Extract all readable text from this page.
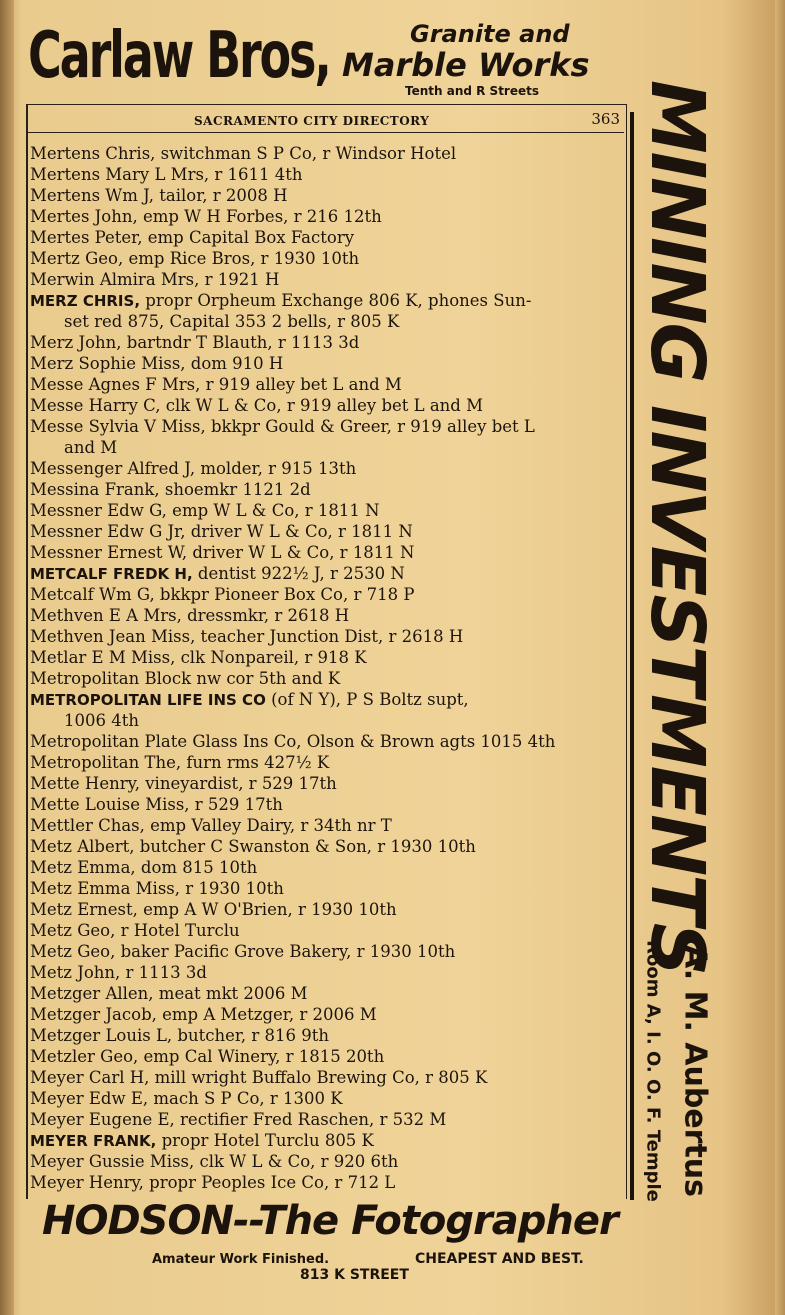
Carlaw Bros,	Granite and
Marble Works
Tenth and R Streets
SACRAMENTO CITY DIRECTORY	363
Mertens Chris, switchman S P Co, r Windsor Hotel
Mertens Mary L Mrs, r 1611 4th
Mertens Wm J, tailor, r 2008 H
Mertes John, emp W H Forbes, r 216 12th
Mertes Peter, emp Capital Box Factory
Mertz Geo, emp Rice Bros, r 1930 10th
Merwin Almira Mrs, r 1921 H
MERZ CHRIS, propr Orpheum Exchange 806 K, phones Sun-
set red 875, Capital 353 2 bells, r 805 K
Merz John, bartndr T Blauth, r 1113 3d
Merz Sophie Miss, dom 910 H
Messe Agnes F Mrs, r 919 alley bet L and M
Messe Harry C, clk W L & Co, r 919 alley bet L and M
Messe Sylvia V Miss, bkkpr Gould & Greer, r 919 alley bet L
and M
Messenger Alfred J, molder, r 915 13th
Messina Frank, shoemkr 1121 2d
Messner Edw G, emp W L & Co, r 1811 N
Messner Edw G Jr, driver W L & Co, r 1811 N
Messner Ernest W, driver W L & Co, r 1811 N
METCALF FREDK H, dentist 922½ J, r 2530 N
Metcalf Wm G, bkkpr Pioneer Box Co, r 718 P
Methven E A Mrs, dressmkr, r 2618 H
Methven Jean Miss, teacher Junction Dist, r 2618 H
Metlar E M Miss, clk Nonpareil, r 918 K
Metropolitan Block nw cor 5th and K
METROPOLITAN LIFE INS CO (of N Y), P S Boltz supt,
1006 4th
Metropolitan Plate Glass Ins Co, Olson & Brown agts 1015 4th
Metropolitan The, furn rms 427½ K
Mette Henry, vineyardist, r 529 17th
Mette Louise Miss, r 529 17th
Mettler Chas, emp Valley Dairy, r 34th nr T
Metz Albert, butcher C Swanston & Son, r 1930 10th
Metz Emma, dom 815 10th
Metz Emma Miss, r 1930 10th
Metz Ernest, emp A W O'Brien, r 1930 10th
Metz Geo, r Hotel Turclu
Metz Geo, baker Pacific Grove Bakery, r 1930 10th
Metz John, r 1113 3d
Metzger Allen, meat mkt 2006 M
Metzger Jacob, emp A Metzger, r 2006 M
Metzger Louis L, butcher, r 816 9th
Metzler Geo, emp Cal Winery, r 1815 20th
Meyer Carl H, mill wright Buffalo Brewing Co, r 805 K
Meyer Edw E, mach S P Co, r 1300 K
Meyer Eugene E, rectifier Fred Raschen, r 532 M
MEYER FRANK, propr Hotel Turclu 805 K
Meyer Gussie Miss, clk W L & Co, r 920 6th
Meyer Henry, propr Peoples Ice Co, r 712 L
MINING INVESTMENTS
Room A, I. O. O. F. Temple A. M. Aubertus
HODSON--The Fotographer
Amateur Work Finished.	CHEAPEST AND BEST.
813 K STREET
